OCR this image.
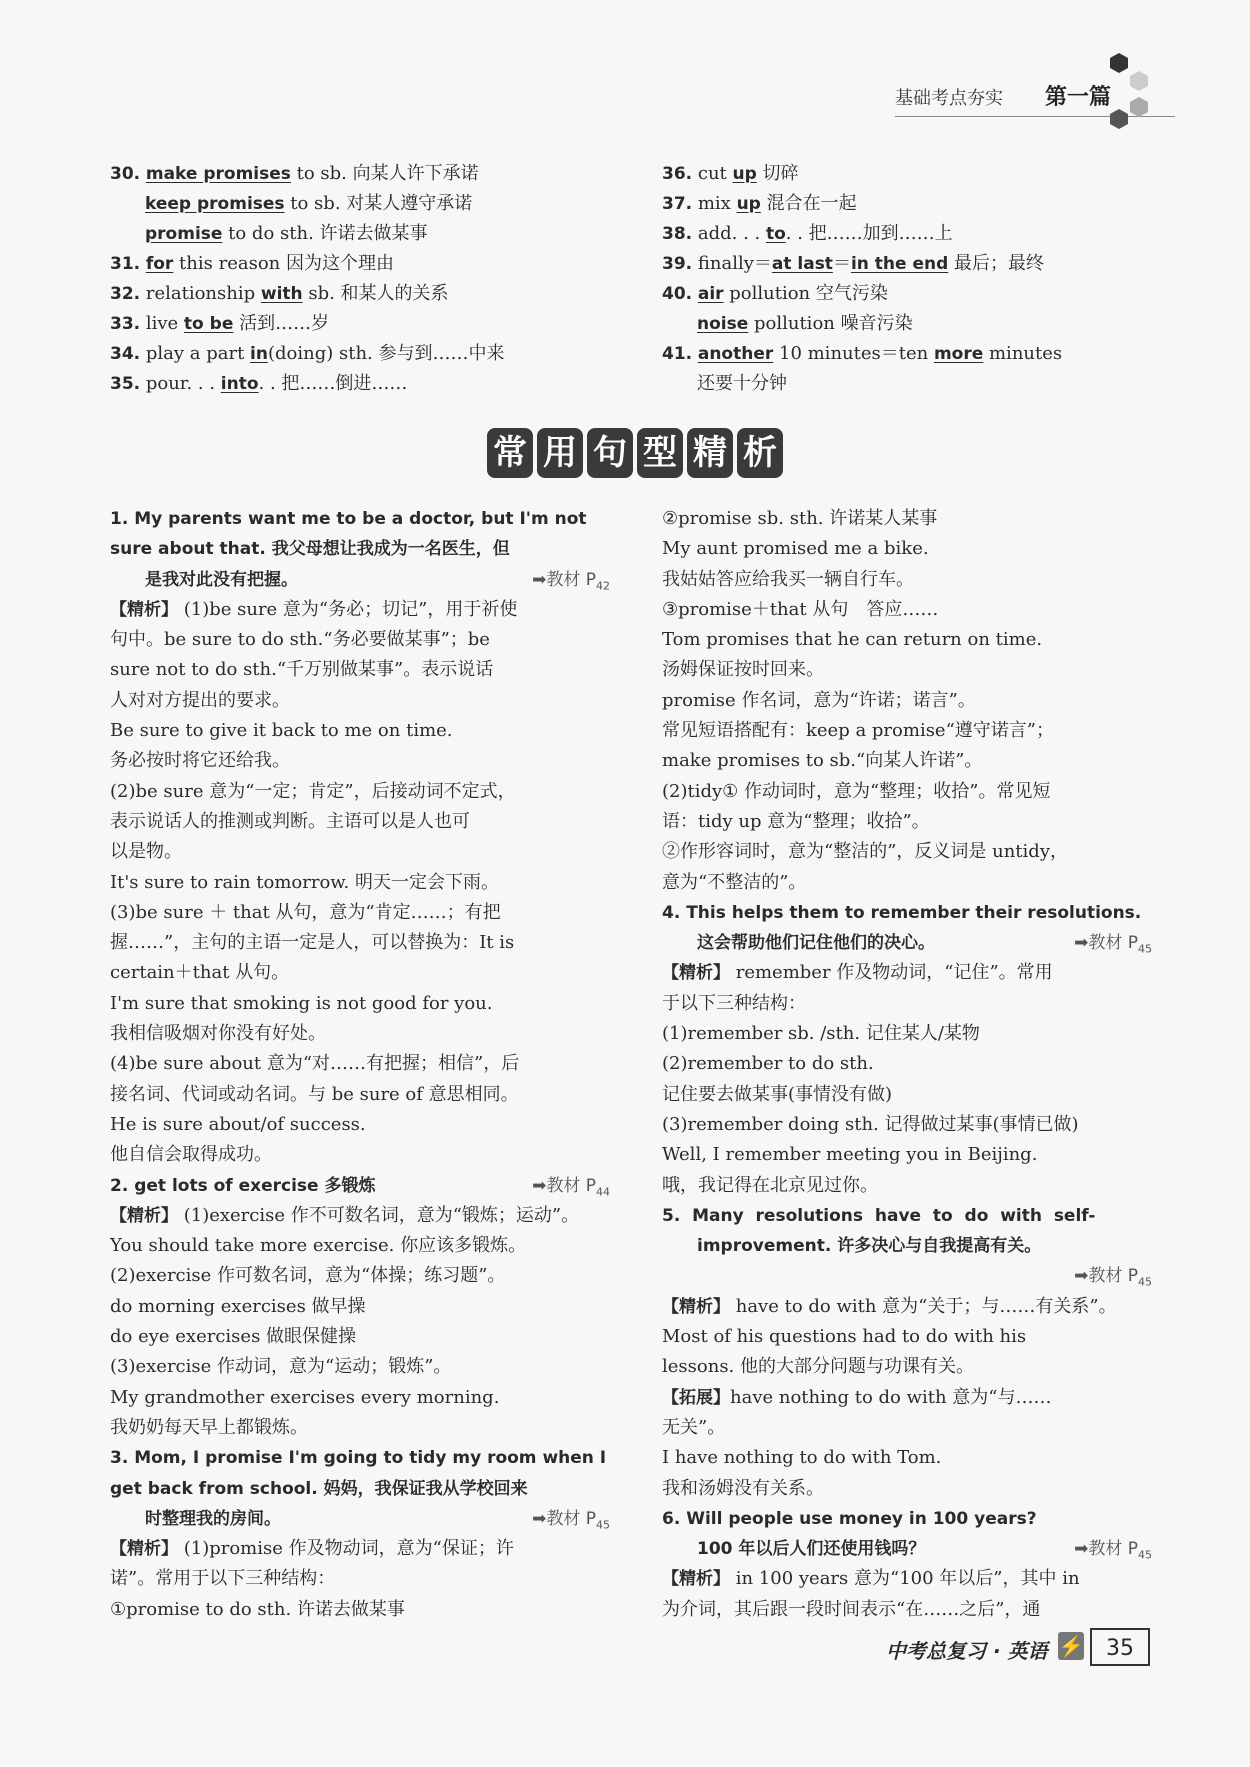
基础考点夯实 第一篇
30. make promises to sb. 向某人许下承诺
keep promises to sb. 对某人遵守承诺
promise to do sth. 许诺去做某事
31. for this reason 因为这个理由
32. relationship with sb. 和某人的关系
33. live to be 活到……岁
34. play a part in(doing) sth. 参与到……中来
35. pour. . . into. . 把……倒进……
36. cut up 切碎
37. mix up 混合在一起
38. add. . . to. . 把……加到……上
39. finally＝at last＝in the end 最后；最终
40. air pollution 空气污染
noise pollution 噪音污染
41. another 10 minutes＝ten more minutes
还要十分钟
常 用 句 型 精 析
1. My parents want me to be a doctor, but I'm not
sure about that. 我父母想让我成为一名医生，但
是我对此没有把握。	➡教材 $P_{42}$
【精析】 (1)be sure 意为“务必；切记”，用于祈使
句中。be sure to do sth.“务必要做某事”；be
sure not to do sth.“千万别做某事”。表示说话
人对对方提出的要求。
Be sure to give it back to me on time.
务必按时将它还给我。
(2)be sure 意为“一定；肯定”，后接动词不定式，
表示说话人的推测或判断。主语可以是人也可
以是物。
It's sure to rain tomorrow. 明天一定会下雨。
(3)be sure ＋ that 从句，意为“肯定……；有把
握……”，主句的主语一定是人，可以替换为：It is
certain＋that 从句。
I'm sure that smoking is not good for you.
我相信吸烟对你没有好处。
(4)be sure about 意为“对……有把握；相信”，后
接名词、代词或动名词。与 be sure of 意思相同。
He is sure about/of success.
他自信会取得成功。
2. get lots of exercise 多锻炼	➡教材 $P_{44}$
【精析】 (1)exercise 作不可数名词，意为“锻炼；运动”。
You should take more exercise. 你应该多锻炼。
(2)exercise 作可数名词，意为“体操；练习题”。
do morning exercises 做早操
do eye exercises 做眼保健操
(3)exercise 作动词，意为“运动；锻炼”。
My grandmother exercises every morning.
我奶奶每天早上都锻炼。
3. Mom, I promise I'm going to tidy my room when I
get back from school. 妈妈，我保证我从学校回来
时整理我的房间。	➡教材 $P_{45}$
【精析】 (1)promise 作及物动词，意为“保证；许
诺”。常用于以下三种结构：
①promise to do sth. 许诺去做某事
②promise sb. sth. 许诺某人某事
My aunt promised me a bike.
我姑姑答应给我买一辆自行车。
③promise＋that 从句　答应……
Tom promises that he can return on time.
汤姆保证按时回来。
promise 作名词，意为“许诺；诺言”。
常见短语搭配有：keep a promise“遵守诺言”；
make promises to sb.“向某人许诺”。
(2)tidy① 作动词时，意为“整理；收拾”。常见短
语：tidy up 意为“整理；收拾”。
②作形容词时，意为“整洁的”，反义词是 untidy，
意为“不整洁的”。
4. This helps them to remember their resolutions.
这会帮助他们记住他们的决心。	➡教材 $P_{45}$
【精析】 remember 作及物动词，“记住”。常用
于以下三种结构：
(1)remember sb. /sth. 记住某人/某物
(2)remember to do sth.
记住要去做某事(事情没有做)
(3)remember doing sth. 记得做过某事(事情已做)
Well, I remember meeting you in Beijing.
哦，我记得在北京见过你。
5.  Many  resolutions  have  to  do  with  self-
improvement. 许多决心与自我提高有关。
➡教材 $P_{45}$
【精析】 have to do with 意为“关于；与……有关系”。
Most of his questions had to do with his
lessons. 他的大部分问题与功课有关。
【拓展】have nothing to do with 意为“与……
无关”。
I have nothing to do with Tom.
我和汤姆没有关系。
6. Will people use money in 100 years?
100 年以后人们还使用钱吗？	➡教材 $P_{45}$
【精析】 in 100 years 意为“100 年以后”，其中 in
为介词，其后跟一段时间表示“在……之后”，通
中考总复习 · 英语 ⚡	35
